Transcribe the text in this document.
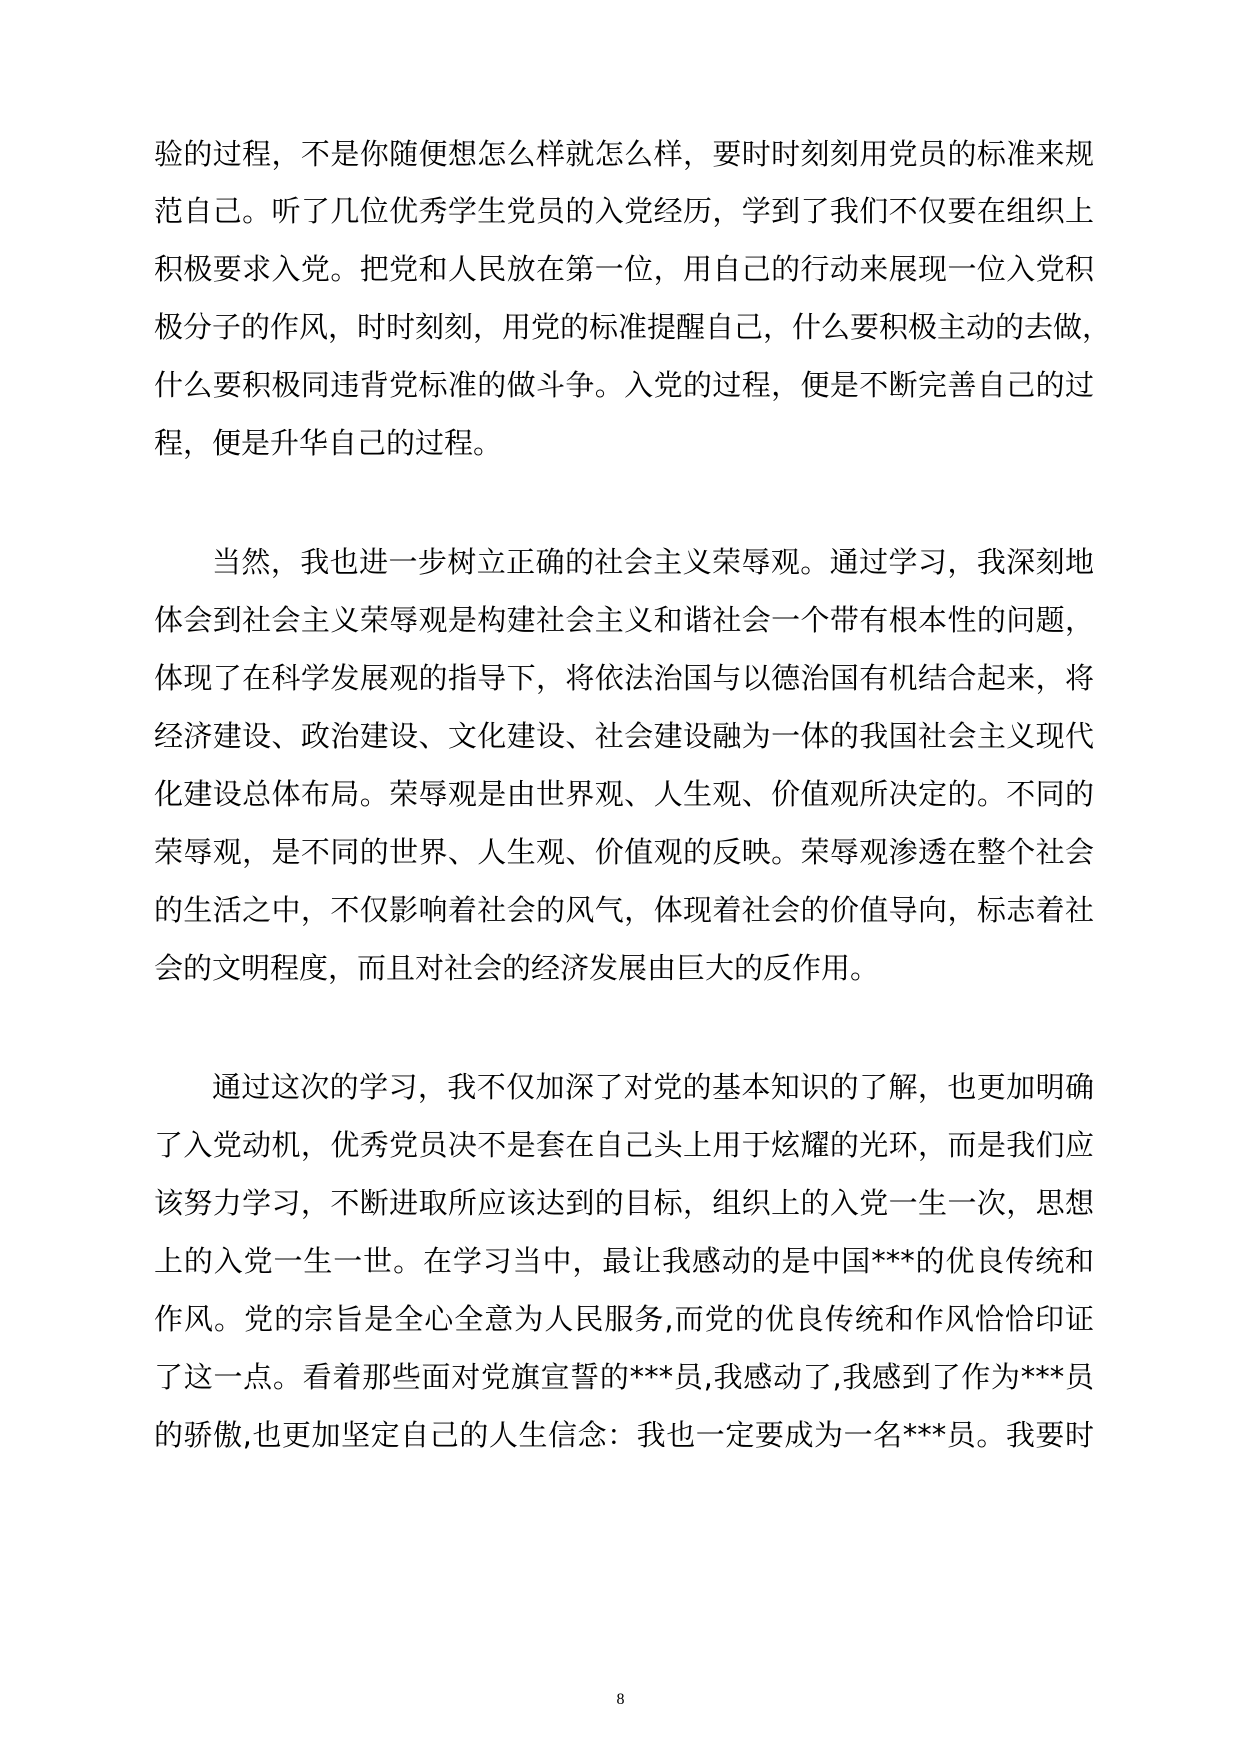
验的过程，不是你随便想怎么样就怎么样，要时时刻刻用党员的标准来规
范自己。听了几位优秀学生党员的入党经历，学到了我们不仅要在组织上
积极要求入党。把党和人民放在第一位，用自己的行动来展现一位入党积
极分子的作风，时时刻刻，用党的标准提醒自己，什么要积极主动的去做，
什么要积极同违背党标准的做斗争。入党的过程，便是不断完善自己的过
程，便是升华自己的过程。
当然，我也进一步树立正确的社会主义荣辱观。通过学习，我深刻地
体会到社会主义荣辱观是构建社会主义和谐社会一个带有根本性的问题，
体现了在科学发展观的指导下，将依法治国与以德治国有机结合起来，将
经济建设、政治建设、文化建设、社会建设融为一体的我国社会主义现代
化建设总体布局。荣辱观是由世界观、人生观、价值观所决定的。不同的
荣辱观，是不同的世界、人生观、价值观的反映。荣辱观渗透在整个社会
的生活之中，不仅影响着社会的风气，体现着社会的价值导向，标志着社
会的文明程度，而且对社会的经济发展由巨大的反作用。
通过这次的学习，我不仅加深了对党的基本知识的了解，也更加明确
了入党动机，优秀党员决不是套在自己头上用于炫耀的光环，而是我们应
该努力学习，不断进取所应该达到的目标，组织上的入党一生一次，思想
上的入党一生一世。在学习当中，最让我感动的是中国***的优良传统和
作风。党的宗旨是全心全意为人民服务,而党的优良传统和作风恰恰印证
了这一点。看着那些面对党旗宣誓的***员,我感动了,我感到了作为***员
的骄傲,也更加坚定自己的人生信念：我也一定要成为一名***员。我要时
8
